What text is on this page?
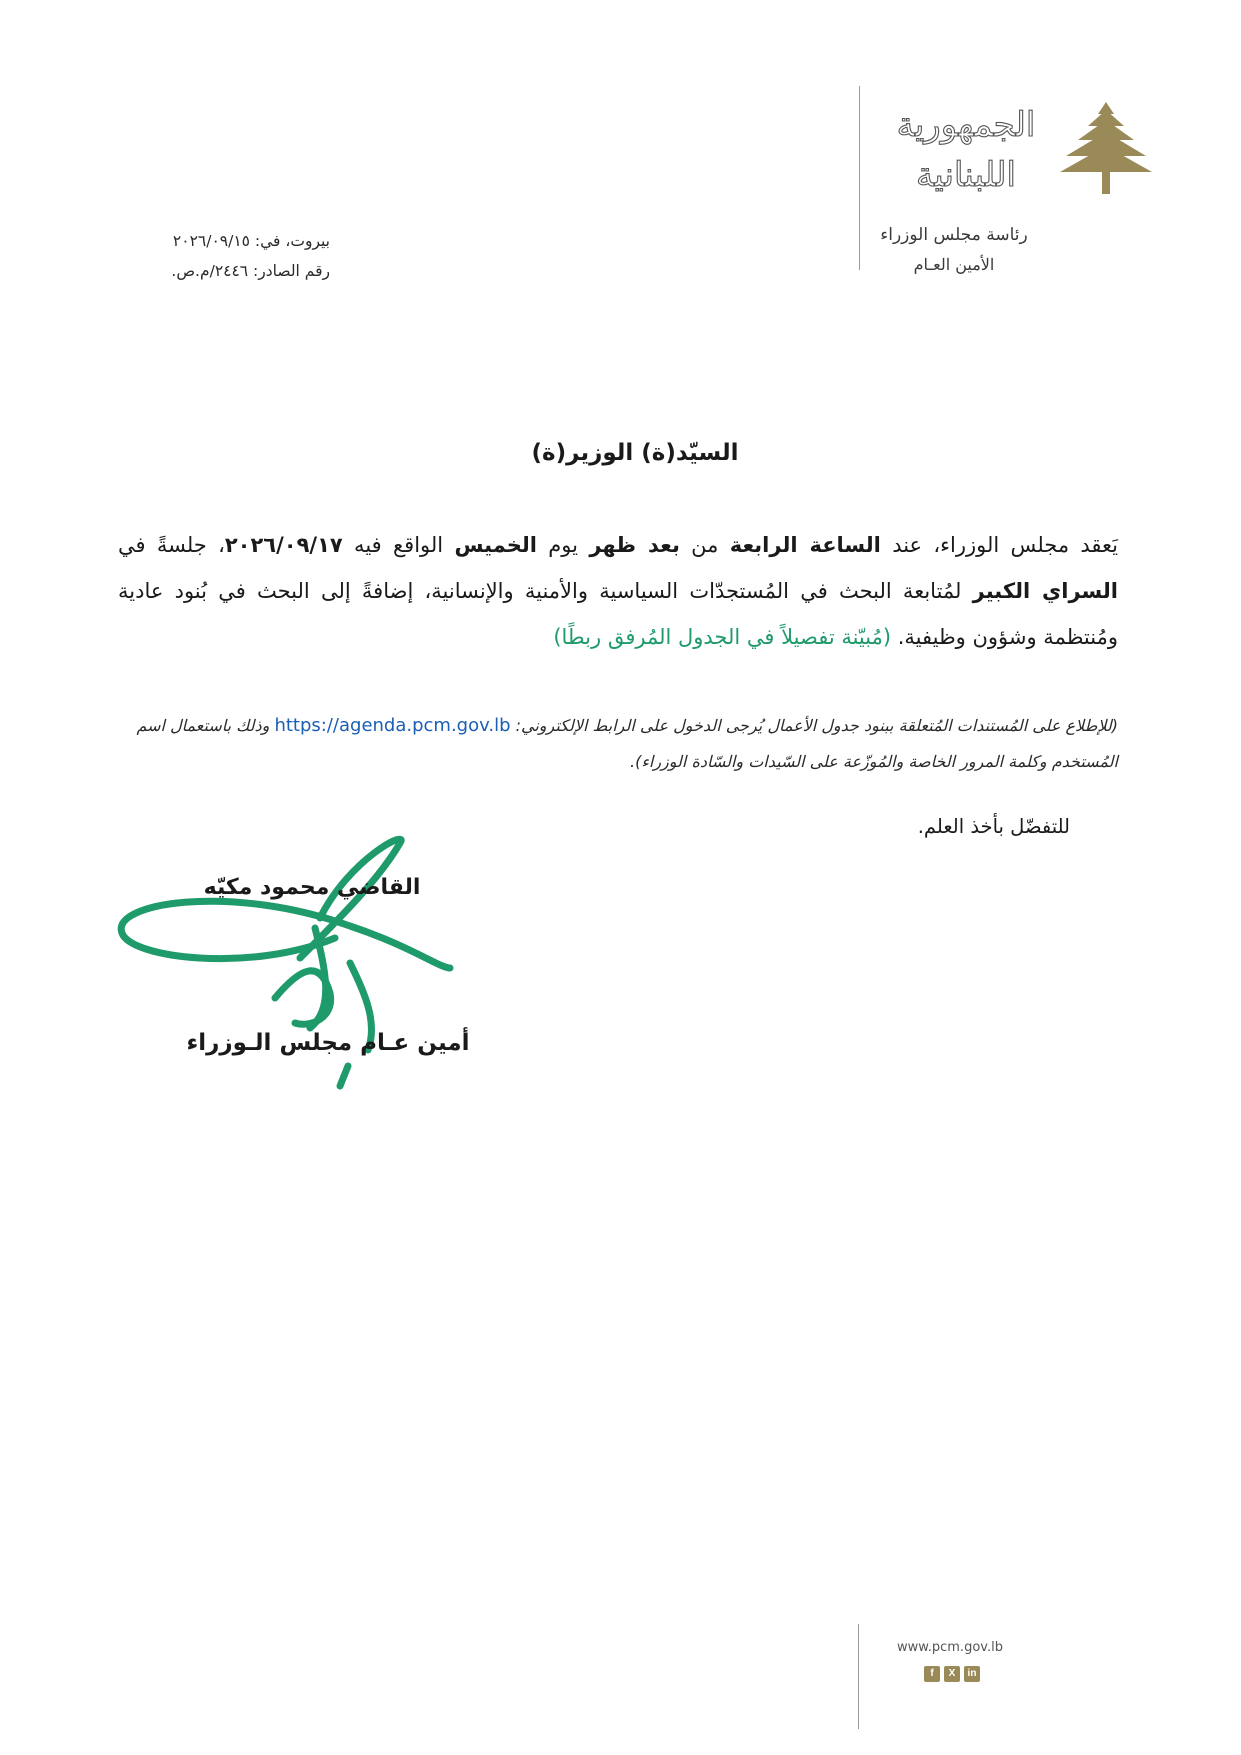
الجمهورية
اللبنانية
رئاسة مجلس الوزراء
الأمين العـام
بيروت، في: ٢٠٢٦/٠٩/١٥
رقم الصادر: ٢٤٤٦/م.ص.
السيّد(ة) الوزير(ة)
يَعقد مجلس الوزراء، عند الساعة الرابعة من بعد ظهر يوم الخميس الواقع فيه ٢٠٢٦/٠٩/١٧، جلسةً في السراي الكبير لمُتابعة البحث في المُستجدّات السياسية والأمنية والإنسانية، إضافةً إلى البحث في بُنود عادية ومُنتظمة وشؤون وظيفية. (مُبيّنة تفصيلاً في الجدول المُرفق ربطًا)
(للإطلاع على المُستندات المُتعلقة ببنود جدول الأعمال يُرجى الدخول على الرابط الإلكتروني: https://agenda.pcm.gov.lb وذلك باستعمال اسم المُستخدم وكلمة المرور الخاصة والمُوزّعة على السّيدات والسّادة الوزراء).
للتفضّل بأخذ العلم.
القاضي محمود مكيّه
أمين عـام مجلس الـوزراء
www.pcm.gov.lb
f	X	in
